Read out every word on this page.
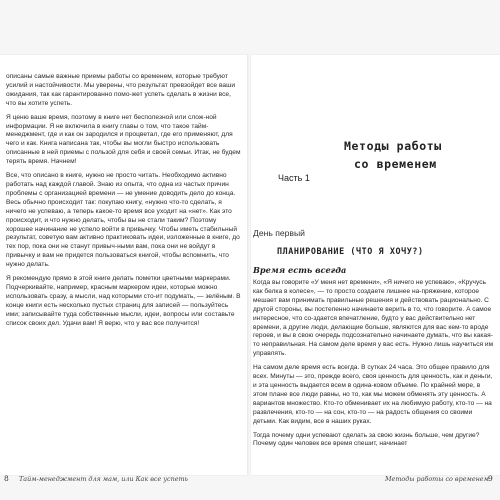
описаны самые важные приемы работы со временем, которые требуют усилий и настойчивости. Мы уверены, что результат превзойдет все ваши ожидания, так как гарантированно помо-жет успеть сделать в жизни все, что вы хотите успеть.

Я ценю ваше время, поэтому в книге нет бесполезной или слож-ной информации. Я не включила в книгу главы о том, что такое тайм-менеджмент, где и как он зародился и процветал, где его применяют, для чего и как. Книга написана так, чтобы вы могли быстро использовать описанные в ней приемы с пользой для себя и своей семьи. Итак, не будем терять время. Начнем!

Все, что описано в книге, нужно не просто читать. Необходимо активно работать над каждой главой. Знаю из опыта, что одна из частых причин проблемы с организацией времени — не умение доводить дело до конца. Весь обычно происходит так: покупаю книгу, «нужно что-то сделать, я ничего не успеваю, а теперь какое-то время все уходит на «нет». Как это происходит, и что нужно делать, чтобы вы не стали таким? Поэтому хорошее начинание не успело войти в привычку. Чтобы иметь стабильный результат, советую вам активно практиковать идеи, изложенные в книге, до тех пор, пока они не станут привыч-ными вам, пока они не войдут в привычку и вам не придется пользоваться книгой, чтобы вспомнить, что нужно делать.

Я рекомендую прямо в этой книге делать пометки цветными маркерами. Подчеркивайте, например, красным маркером идеи, которые можно использовать сразу, а мысли, над которыми сто-ит подумать, — зелёным. В конце книги есть несколько пустых страниц для записей — пользуйтесь ими; записывайте туда собственные мысли, идеи, вопросы или составьте список своих дел. Удачи вам! Я верю, что у вас все получится!

Часть 1
Методы работы
со временем
День первый
ПЛАНИРОВАНИЕ (ЧТО Я ХОЧУ?)
Время есть всегда

Когда вы говорите «У меня нет времени», «Я ничего не успеваю», «Кручусь как белка в колесе», — то просто создаете лишнее на-пряжение, которое мешает вам принимать правильные решения и действовать рационально. С другой стороны, вы постепенно начинаете верить в то, что говорите. А самое интересное, что со-здается впечатление, будто у вас действительно нет времени, а другие люди, делающие больше, являются для вас кем-то вроде героев, и вы в свою очередь подсознательно начинаете думать, что вы какая-то неправильная. На самом деле время у вас есть. Нужно лишь научиться им управлять.

На самом деле время есть всегда. В сутках 24 часа. Это общее правило для всех. Минуты — это, прежде всего, своя ценность для ценность, как и деньги, и эта ценность выдается всем в одина-ковом объеме. По крайней мере, в этом плане все люди равны, но то, как мы можем обменять эту ценность. А вариантов множество. Кто-то обменивает их на любимую работу, кто-то — на развлечения, кто-то — на сон, кто-то — на радость общения со своими детьми. Как видим, все в наших руках.

Тогда почему одни успевают сделать за свою жизнь больше, чем другие? Почему один человек все время спешит, начинает

8 Тайм-менеджмент для мам, или Как все успеть	Методы работы со временем 9
